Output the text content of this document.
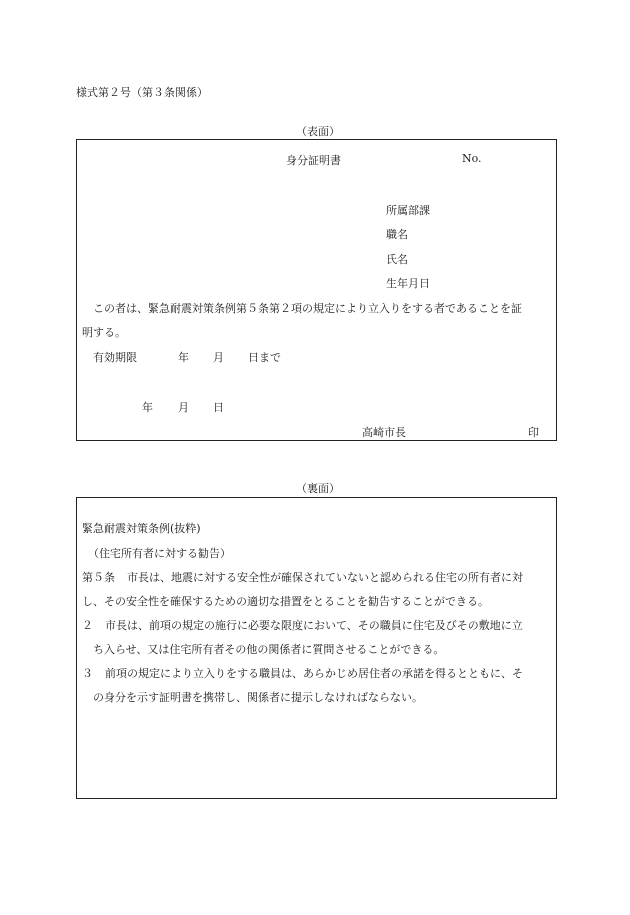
様式第２号（第３条関係）
（表面）
身分証明書	No.
所属部課
職名
氏名
生年月日
この者は、緊急耐震対策条例第５条第２項の規定により立入りをする者であることを証
明する。
有効期限	年 月 日まで
年 月 日
高崎市長	印
（裏面）
緊急耐震対策条例(抜粋)
（住宅所有者に対する勧告）
第５条 市長は、地震に対する安全性が確保されていないと認められる住宅の所有者に対
し、その安全性を確保するための適切な措置をとることを勧告することができる。
２ 市長は、前項の規定の施行に必要な限度において、その職員に住宅及びその敷地に立
ち入らせ、又は住宅所有者その他の関係者に質問させることができる。
３ 前項の規定により立入りをする職員は、あらかじめ居住者の承諾を得るとともに、そ
の身分を示す証明書を携帯し、関係者に提示しなければならない。
